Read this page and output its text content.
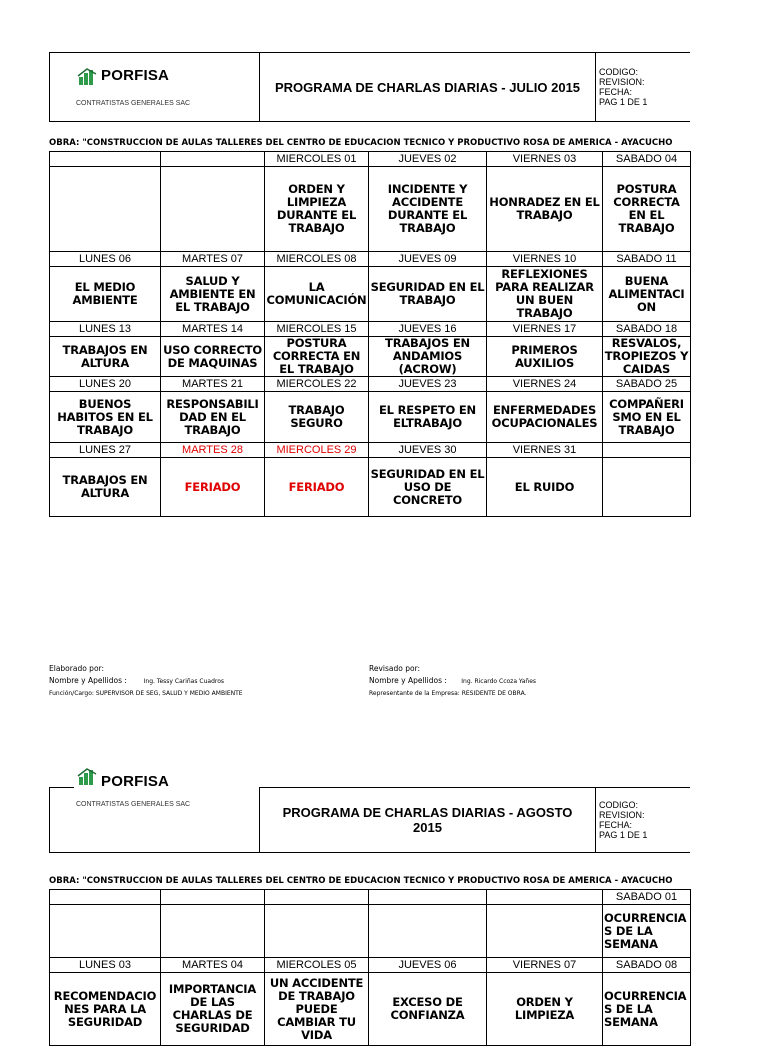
PORFISA
CONTRATISTAS GENERALES SAC
PROGRAMA DE CHARLAS DIARIAS - JULIO 2015
CODIGO:
REVISION:
FECHA:
PAG 1 DE 1
OBRA: "CONSTRUCCION DE AULAS TALLERES DEL CENTRO DE EDUCACION TECNICO Y PRODUCTIVO ROSA DE AMERICA - AYACUCHO
		MIERCOLES 01	JUEVES 02	VIERNES 03	SABADO 04
		ORDEN Y LIMPIEZA DURANTE EL TRABAJO	INCIDENTE Y ACCIDENTE DURANTE EL TRABAJO	HONRADEZ EN EL TRABAJO	POSTURA CORRECTA EN EL TRABAJO
LUNES 06	MARTES 07	MIERCOLES 08	JUEVES 09	VIERNES 10	SABADO 11
EL MEDIO AMBIENTE	SALUD Y AMBIENTE EN EL TRABAJO	LA COMUNICACIÓN	SEGURIDAD EN EL TRABAJO	REFLEXIONES PARA REALIZAR UN BUEN TRABAJO	BUENA ALIMENTACI ON
LUNES 13	MARTES 14	MIERCOLES 15	JUEVES 16	VIERNES 17	SABADO 18
TRABAJOS EN ALTURA	USO CORRECTO DE MAQUINAS	POSTURA CORRECTA EN EL TRABAJO	TRABAJOS EN ANDAMIOS (ACROW)	PRIMEROS AUXILIOS	RESVALOS, TROPIEZOS Y CAIDAS
LUNES 20	MARTES 21	MIERCOLES 22	JUEVES 23	VIERNES 24	SABADO 25
BUENOS HABITOS EN EL TRABAJO	RESPONSABILI DAD EN EL TRABAJO	TRABAJO SEGURO	EL RESPETO EN ELTRABAJO	ENFERMEDADES OCUPACIONALES	COMPAÑERI SMO EN EL TRABAJO
LUNES 27	MARTES 28	MIERCOLES 29	JUEVES 30	VIERNES 31	
TRABAJOS EN ALTURA	FERIADO	FERIADO	SEGURIDAD EN EL USO DE CONCRETO	EL RUIDO	
Elaborado por:
Nombre y Apellidos :	Ing. Tessy Cariñas Cuadros
Función/Cargo: SUPERVISOR DE SEG, SALUD Y MEDIO AMBIENTE
Revisado por:
Nombre y Apellidos : Ing. Ricardo Ccoza Yañes
Representante de la Empresa: RESIDENTE DE OBRA.
PORFISA
CONTRATISTAS GENERALES SAC
PROGRAMA DE CHARLAS DIARIAS - AGOSTO 2015
CODIGO:
REVISION:
FECHA:
PAG 1 DE 1
OBRA: "CONSTRUCCION DE AULAS TALLERES DEL CENTRO DE EDUCACION TECNICO Y PRODUCTIVO ROSA DE AMERICA - AYACUCHO
					SABADO 01
					OCURRENCIA S DE LA SEMANA
LUNES 03	MARTES 04	MIERCOLES 05	JUEVES 06	VIERNES 07	SABADO 08
RECOMENDACIO NES PARA LA SEGURIDAD	IMPORTANCIA DE LAS CHARLAS DE SEGURIDAD	UN ACCIDENTE DE TRABAJO PUEDE CAMBIAR TU VIDA	EXCESO DE CONFIANZA	ORDEN Y LIMPIEZA	OCURRENCIA S DE LA SEMANA
